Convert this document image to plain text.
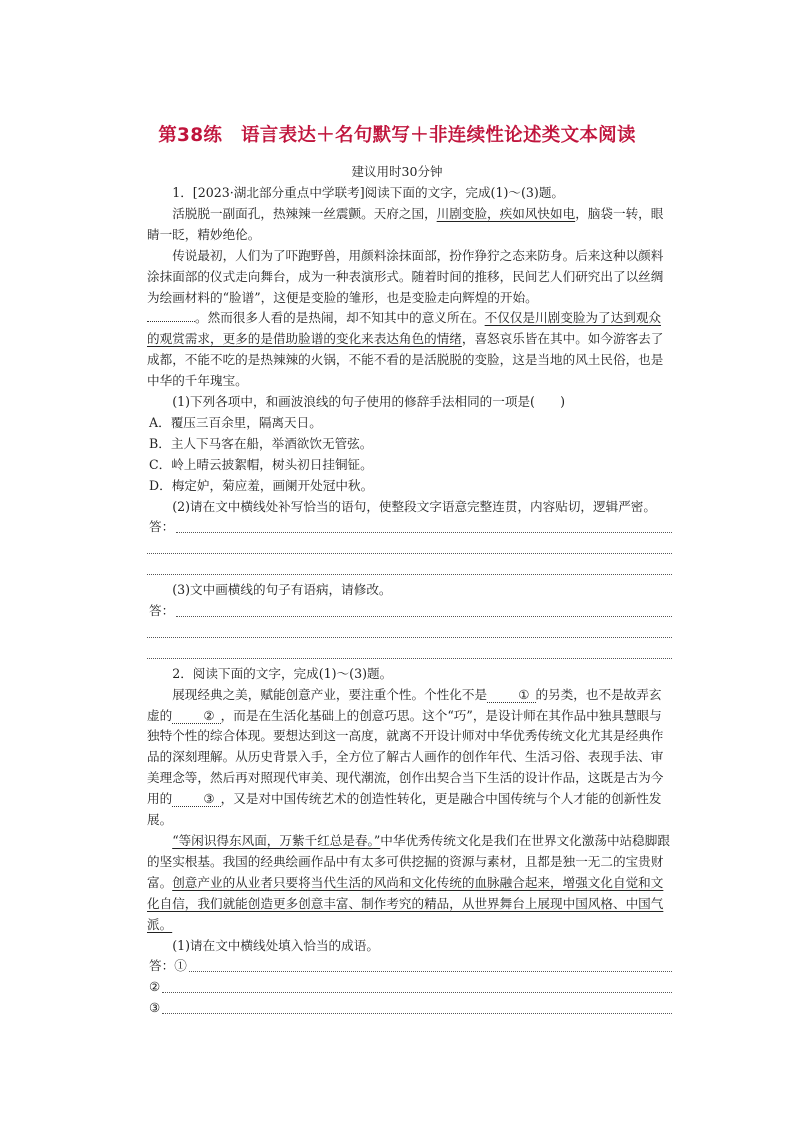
第38练　语言表达＋名句默写＋非连续性论述类文本阅读
建议用时30分钟

1．[2023·湖北部分重点中学联考]阅读下面的文字，完成(1)～(3)题。

活脱脱一副面孔，热辣辣一丝震颤。天府之国，川剧变脸，疾如风快如电，脑袋一转，眼睛一眨，精妙绝伦。

传说最初，人们为了吓跑野兽，用颜料涂抹面部，扮作狰狞之态来防身。后来这种以颜料涂抹面部的仪式走向舞台，成为一种表演形式。随着时间的推移，民间艺人们研究出了以丝绸为绘画材料的“脸谱”，这便是变脸的雏形，也是变脸走向辉煌的开始。

。然而很多人看的是热闹，却不知其中的意义所在。不仅仅是川剧变脸为了达到观众的观赏需求，更多的是借助脸谱的变化来表达角色的情绪，喜怒哀乐皆在其中。如今游客去了成都，不能不吃的是热辣辣的火锅，不能不看的是活脱脱的变脸，这是当地的风土民俗，也是中华的千年瑰宝。

(1)下列各项中，和画波浪线的句子使用的修辞手法相同的一项是(　　)

A．覆压三百余里，隔离天日。

B．主人下马客在船，举酒欲饮无管弦。

C．岭上晴云披絮帽，树头初日挂铜钲。

D．梅定妒，菊应羞，画阑开处冠中秋。

(2)请在文中横线处补写恰当的语句，使整段文字语意完整连贯，内容贴切，逻辑严密。

答：

(3)文中画横线的句子有语病，请修改。

答：

2．阅读下面的文字，完成(1)～(3)题。

展现经典之美，赋能创意产业，要注重个性。个性化不是 ① 的另类，也不是故弄玄虚的 ② ，而是在生活化基础上的创意巧思。这个“巧”，是设计师在其作品中独具慧眼与独特个性的综合体现。要想达到这一高度，就离不开设计师对中华优秀传统文化尤其是经典作品的深刻理解。从历史背景入手，全方位了解古人画作的创作年代、生活习俗、表现手法、审美理念等，然后再对照现代审美、现代潮流，创作出契合当下生活的设计作品，这既是古为今用的 ③ ，又是对中国传统艺术的创造性转化，更是融合中国传统与个人才能的创新性发展。

“等闲识得东风面，万紫千红总是春。”中华优秀传统文化是我们在世界文化激荡中站稳脚跟的坚实根基。我国的经典绘画作品中有太多可供挖掘的资源与素材，且都是独一无二的宝贵财富。创意产业的从业者只要将当代生活的风尚和文化传统的血脉融合起来，增强文化自觉和文化自信，我们就能创造更多创意丰富、制作考究的精品，从世界舞台上展现中国风格、中国气派。

(1)请在文中横线处填入恰当的成语。

答：①
②
③
